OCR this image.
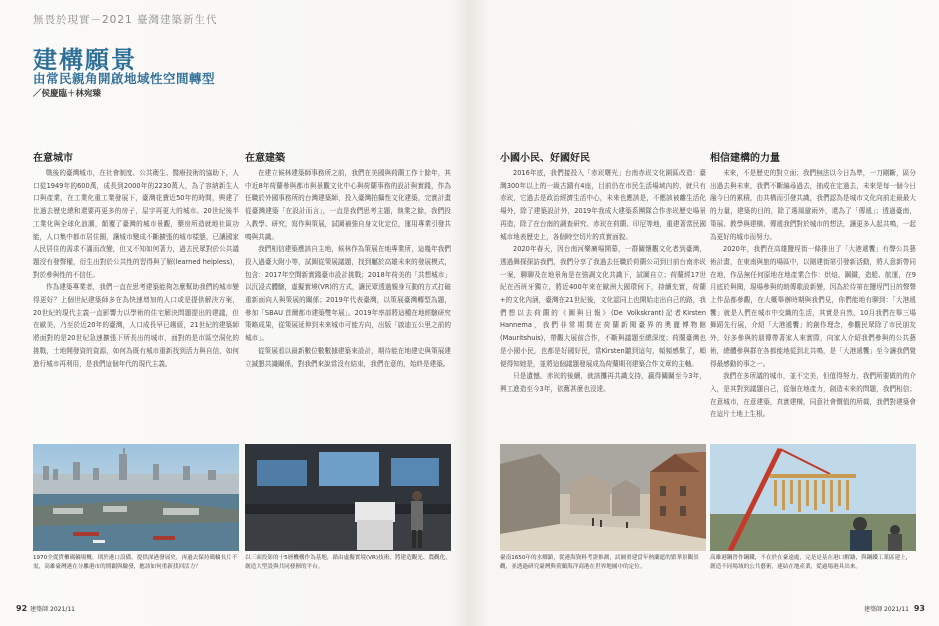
無畏於現實－2021 臺灣建築新生代
建構願景
由常民親角開啟地域性空間轉型
／侯慶臨＋林宛臻
在意城市

戰後的臺灣城市，在社會制度、公共衛生、醫療技術的協助下，人口從1949年的600萬，成長到2000年的2230萬人，為了容納新生人口與產業，在工業化重工業發展下，臺灣花費近50年的時間，興建了比過去歷史總和還要再更多的房子，屋宇再更大的城市。20世紀後半工業化與全球化浪潮，顛覆了臺灣的城市景觀，藥房所造就地社區功能，人口集中都市居住圈，讓城市變成不斷擴張的城市樣態，已讓國家人民居住的需求不滿而改變，但又不知如何著力，過去民眾對於公共議題沒有發聲權，衍生出對於公共性的習得與了解(learned helpless)，對於參與性的不信任。

作為建築專業者，我們一直在思考建築能夠怎麼幫助我們的城市變得更好？上個世紀建築師多在為快速增加的人口或是提供解決方案，20世紀的現代主義一直影響力以學術的住宅解決問題提出的建議，但在歐美，乃至於近20年的臺灣，人口成長早已趨緩，21世紀的建築師將面對的是20世紀急速擴張下所長出的城市，面對的是市區空洞化的挑戰，土地開發資的資源，如何為既有城市重新找到活力與自信，如何進行城市再利用，是我們這個年代的現代主義。

在意建築

在建立候林建築師事務所之前，我們在美國與荷蘭工作十餘年，其中近8年荷蘭參與都市與景觀文化中心與荷蘭事務的設計與實踐，作為任職於外國事務所的台灣建築師，投入臺灣拍攝性文化建築，完實計畫從臺灣建築「在設計而言」，一直是我們思考主題，執業之餘，我們投入教學、研究，寫作與策展，試圖補強自身文化定位，運用專業引發共鳴與共識。

我們相信建築應該自主地，候林作為策展在地專業所，這幾年我們投入過臺大附小等，試圖從策展議題，找到屬於高雄未來的發展模式，包含：2017年空間新實踐臺市設計挑戰；2018年荷美的「共想城市」以沉浸式體驗，虛擬實境(VR)的方式，讓民眾透過親身互動的方式打破重新面向人與策展的關係；2019年代表臺灣，以策展臺灣轉型為題，參加「SBAU 首爾都市建築雙年展」。2019年率部將這種在地經驗研究策略成果，從策展延伸到未來城市可能方向，出版「啟迪五公里之前的城市」。

從策展看以最新數位數數據建築來設計，期待能在地建史與策展建立誠懇共識關係，對我們來說當沒有結束，我們在意的，始終是建築。

小國小民、好國好民

2016年底，我們接投入「赤崁曙光」台南赤崁文化園區改造：臺灣300年以上的一級古蹟有4座，目前仍在市民生活場域內的，就只有赤崁，它過去是政治經濟生活中心，未來也應該是，不應該被離生活化場外，除了建築設計外，2019年我成大建築系團隊合作赤崁歷史場景再造，除了在台南的調查研究、赤崁在荷蘭、印尼等地，重建著當民國城市地表歷史上，各個時空切片的真實面貌。

2020年春天，因台南河樂廣場開幕，一群關懷觀文化者到臺灣，透過舞探探訪我們，我們分享了我過去任職於荷蘭公司到目前台南赤崁一案，聊聊及在地景角是在強調文化共識下，試圖自立；荷蘭經17世紀在西班牙獨立，將近400年來在歐洲大國環伺下，持續充實，荷蘭+的文化內涵，臺灣在21世紀後，文化認同上也開始走出自己的路，我們想以去荷蘭的《圖與日報》(De Volkskrant)記者Kirsten Hannema，我們非常期間在荷蘭新聞臺界的奧麗博物館(Mauritshuis)，帶觀大展前合作，不斷與議題至總深度；荷蘭臺灣也是小國小民，也都是好國好民，當Kirsten聽到這句，頻頻感歎了，順便得知她是，並將這個議題發展成為荷蘭期刊建築合作文章的主軸。

只是遺憾，赤崁的後續，就該攤再共識支持，赢得關關至今3年，興工進造至今3年，依舊甚麼也沒達。

相信建構的力量

未來，不是歷史的對立面；我們無法以今日為準，一刀剛斷，區分出過去與未來，我們不斷編尋過去，抽成在定過去，未來是每一個今日融今日的累積，由共構而引發共識，我們認為是城市文化向前走最最大的力量，建築的目的，除了選風避雨外，還為了「傳遞」；透過臺南，策展、教學與建構，傳遞我們對於城市的想法，讓更多人起共鳴，一起為更好的城市而努力。

2020年，我們在高雄鹽埕街一條推出了「大港遞饗」有聲公共藝術計畫，在東南與旅的場區中，以剛建街第引發新活動，將人意新帶同在地，作品無任何原地在地產業合作：烘焙、鋼鐵，造船、航運，在9月底於與聞，現場參與的朗傳歌設新變，因為於待第在鹽埕門日的聲聲上作品都參觀，在大概舉辦時期與我們見，你們能地有聊到：「大港遞饗」就是人們在城市中交織的生活，其實是自然，10月我們在舉三場舞蹈先行展，介紹「大港遞饗」的創作理念，參觀民眾除了市民朋友外，好多參與的朋傳帶著家人來實際，向家人介紹我們參與的公共藝術，總體參與群在各都能地從到北共鳴，是「大港遞饗」至今讓我們覺得最感動的事之一。

我們在多所議的城市，並不完美，但值得努力，我們所要做的的介入，是其對到議題自己，從個在地產力，創造未來的問題，我們相信；在意城市，在意建築，真實建構，同意社會價值的所載，我們對建築會在這片土地上生根。

1970全從貨櫃碼輪場概，則於港口設備，提供深港發展史，再過去保持碼輪長片不需，高雄臺灣港在分離港市的開闢與驗發，應該如何重新找回活力？
以三面投影的十5層機構作為基地，藉由虛擬實境(VR)技術，將建造觀光、農觀化，創造大型設與共同發揮的平台。
臺南1650年的水鄉鎮，從港海資料考證推測，試圖重建當年熱蘭遮的繁華景觀景觀，並透過研究臺灣與荷蘭海洋商港在世界地圖中的定位。
高雄港鋼曾作鋼鐵，不在於在臺遠處，完是是基在港口解鑄，與鋼鐵工業區建上，創造不同場域的公共藝術，連結在地產業，從過場港具出來。
92 建築師 2021/11	建築師 2021/11 93
